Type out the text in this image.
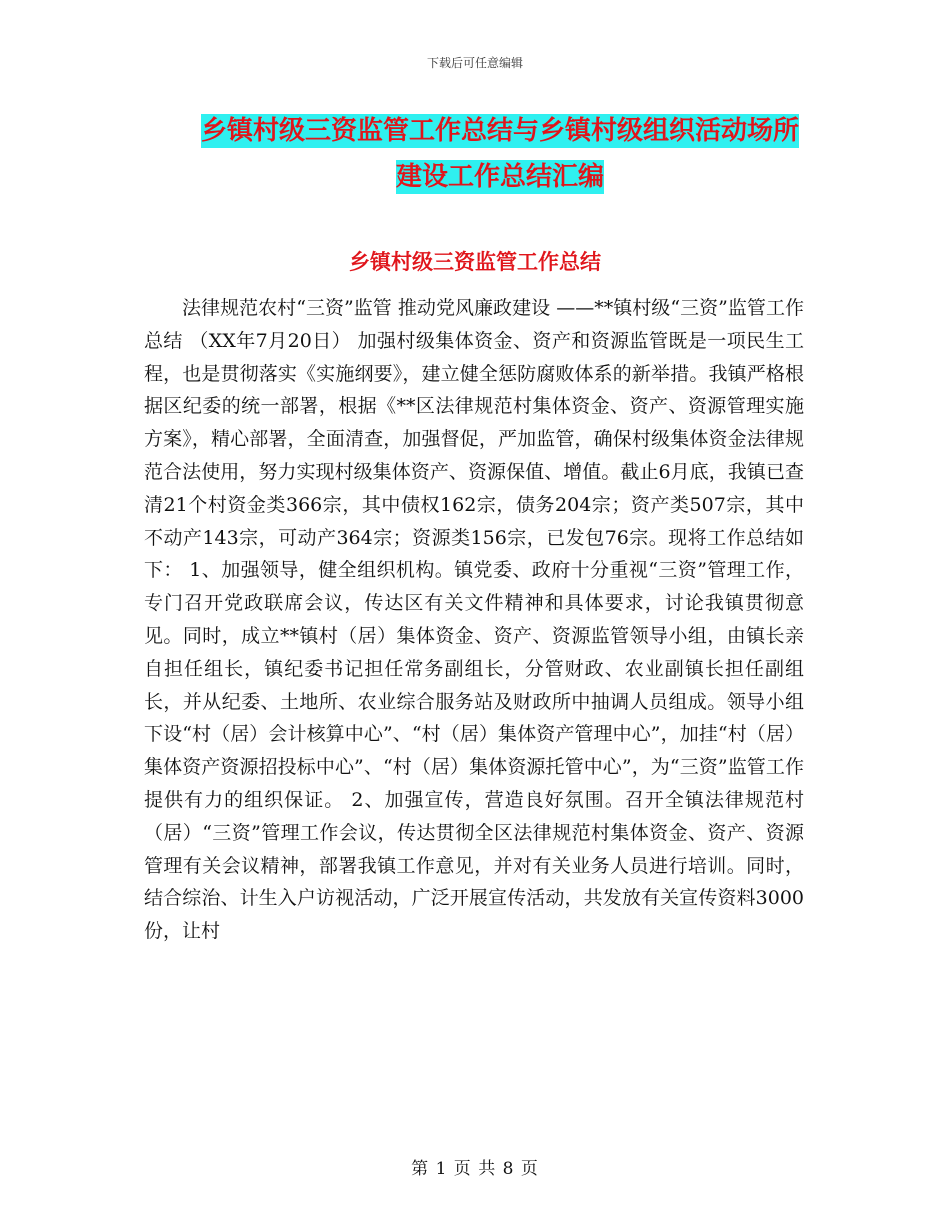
下载后可任意编辑
乡镇村级三资监管工作总结与乡镇村级组织活动场所
建设工作总结汇编
乡镇村级三资监管工作总结

法律规范农村“三资”监管 推动党风廉政建设 ——**镇村级“三资”监管工作总结 （XX年7月20日） 加强村级集体资金、资产和资源监管既是一项民生工程，也是贯彻落实《实施纲要》，建立健全惩防腐败体系的新举措。我镇严格根据区纪委的统一部署，根据《**区法律规范村集体资金、资产、资源管理实施方案》，精心部署，全面清查，加强督促，严加监管，确保村级集体资金法律规范合法使用，努力实现村级集体资产、资源保值、增值。截止6月底，我镇已查清21个村资金类366宗，其中债权162宗，债务204宗；资产类507宗，其中不动产143宗，可动产364宗；资源类156宗，已发包76宗。现将工作总结如下： 1、加强领导，健全组织机构。镇党委、政府十分重视“三资”管理工作，专门召开党政联席会议，传达区有关文件精神和具体要求，讨论我镇贯彻意见。同时，成立**镇村（居）集体资金、资产、资源监管领导小组，由镇长亲自担任组长，镇纪委书记担任常务副组长，分管财政、农业副镇长担任副组长，并从纪委、土地所、农业综合服务站及财政所中抽调人员组成。领导小组下设“村（居）会计核算中心”、“村（居）集体资产管理中心”，加挂“村（居）集体资产资源招投标中心”、“村（居）集体资源托管中心”，为“三资”监管工作提供有力的组织保证。 2、加强宣传，营造良好氛围。召开全镇法律规范村（居）“三资”管理工作会议，传达贯彻全区法律规范村集体资金、资产、资源管理有关会议精神，部署我镇工作意见，并对有关业务人员进行培训。同时，结合综治、计生入户访视活动，广泛开展宣传活动，共发放有关宣传资料3000份，让村

第 1 页 共 8 页
